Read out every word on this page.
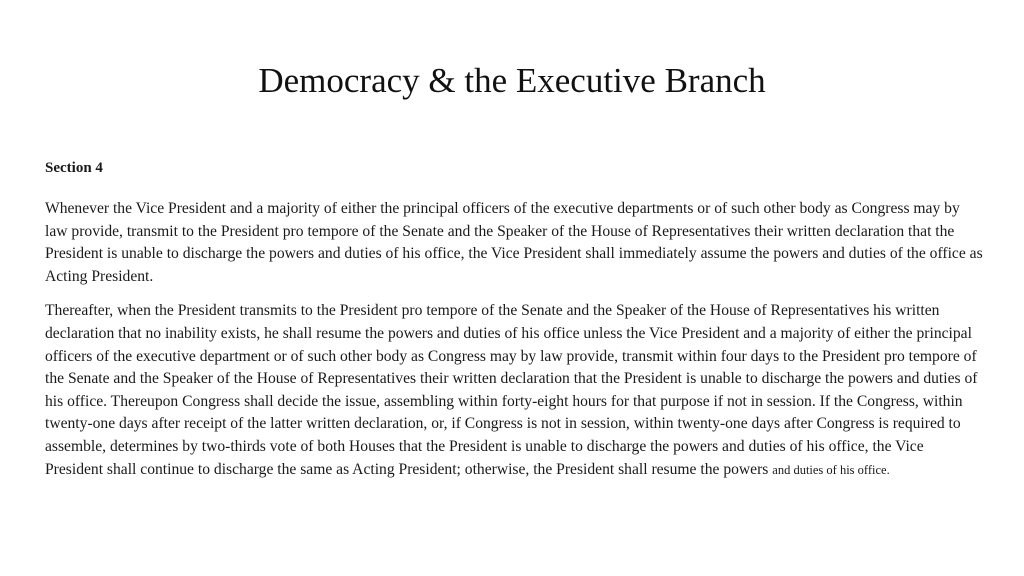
Democracy & the Executive Branch

Section 4

Whenever the Vice President and a majority of either the principal officers of the executive departments or of such other body as Congress may by law provide, transmit to the President pro tempore of the Senate and the Speaker of the House of Representatives their written declaration that the President is unable to discharge the powers and duties of his office, the Vice President shall immediately assume the powers and duties of the office as Acting President.

Thereafter, when the President transmits to the President pro tempore of the Senate and the Speaker of the House of Representatives his written declaration that no inability exists, he shall resume the powers and duties of his office unless the Vice President and a majority of either the principal officers of the executive department or of such other body as Congress may by law provide, transmit within four days to the President pro tempore of the Senate and the Speaker of the House of Representatives their written declaration that the President is unable to discharge the powers and duties of his office. Thereupon Congress shall decide the issue, assembling within forty-eight hours for that purpose if not in session. If the Congress, within twenty-one days after receipt of the latter written declaration, or, if Congress is not in session, within twenty-one days after Congress is required to assemble, determines by two-thirds vote of both Houses that the President is unable to discharge the powers and duties of his office, the Vice President shall continue to discharge the same as Acting President; otherwise, the President shall resume the powers and duties of his office.
